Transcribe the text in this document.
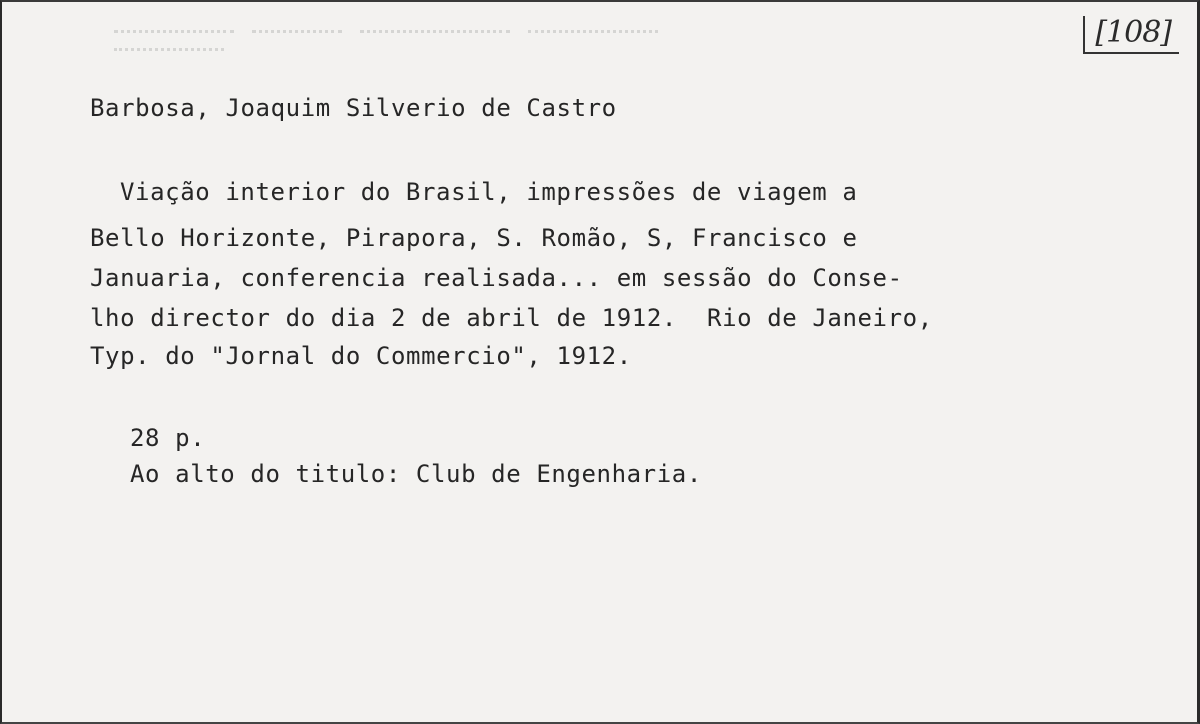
[108]

Barbosa, Joaquim Silverio de Castro

Viação interior do Brasil, impressões de viagem a

Bello Horizonte, Pirapora, S. Romão, S, Francisco e

Januaria, conferencia realisada... em sessão do Conse-

lho director do dia 2 de abril de 1912.  Rio de Janeiro,

Typ. do "Jornal do Commercio", 1912.

28 p.

Ao alto do titulo: Club de Engenharia.
